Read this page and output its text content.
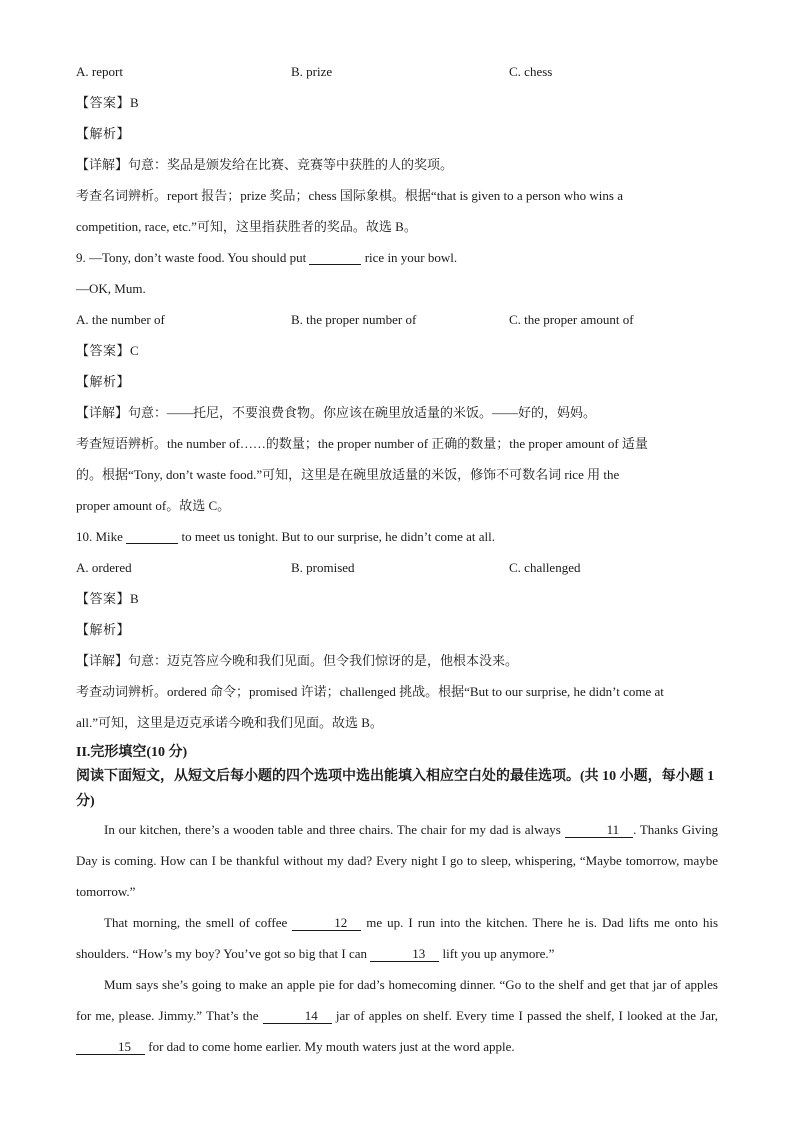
A. report	B. prize	C. chess
【答案】B
【解析】
【详解】句意：奖品是颁发给在比赛、竞赛等中获胜的人的奖项。
考查名词辨析。report 报告；prize 奖品；chess 国际象棋。根据“that is given to a person who wins a
competition, race, etc.”可知，这里指获胜者的奖品。故选 B。
9. —Tony, don’t waste food. You should put	rice in your bowl.
—OK, Mum.
A. the number of	B. the proper number of	C. the proper amount of
【答案】C
【解析】
【详解】句意：——托尼，不要浪费食物。你应该在碗里放适量的米饭。——好的，妈妈。
考查短语辨析。the number of……的数量；the proper number of 正确的数量；the proper amount of 适量
的。根据“Tony, don’t waste food.”可知，这里是在碗里放适量的米饭，修饰不可数名词 rice 用 the
proper amount of。故选 C。
10. Mike	to meet us tonight. But to our surprise, he didn’t come at all.
A. ordered	B. promised	C. challenged
【答案】B
【解析】
【详解】句意：迈克答应今晚和我们见面。但令我们惊讶的是，他根本没来。
考查动词辨析。ordered 命令；promised 许诺；challenged 挑战。根据“But to our surprise, he didn’t come at
all.”可知，这里是迈克承诺今晚和我们见面。故选 B。
II.完形填空(10 分)
阅读下面短文，从短文后每小题的四个选项中选出能填入相应空白处的最佳选项。(共 10 小题，每小题 1 分)
In our kitchen, there’s a wooden table and three chairs. The chair for my dad is always	11 . Thanks Giving Day is coming. How can I be thankful without my dad? Every night I go to sleep, whispering, “Maybe tomorrow, maybe tomorrow.”
That morning, the smell of coffee	12 me up. I run into the kitchen. There he is. Dad lifts me onto his shoulders. “How’s my boy? You’ve got so big that I can	13 lift you up anymore.”
Mum says she’s going to make an apple pie for dad’s homecoming dinner. “Go to the shelf and get that jar of apples for me, please. Jimmy.” That’s the	14 jar of apples on shelf. Every time I passed the shelf, I looked at the Jar, 15 for dad to come home earlier. My mouth waters just at the word apple.
